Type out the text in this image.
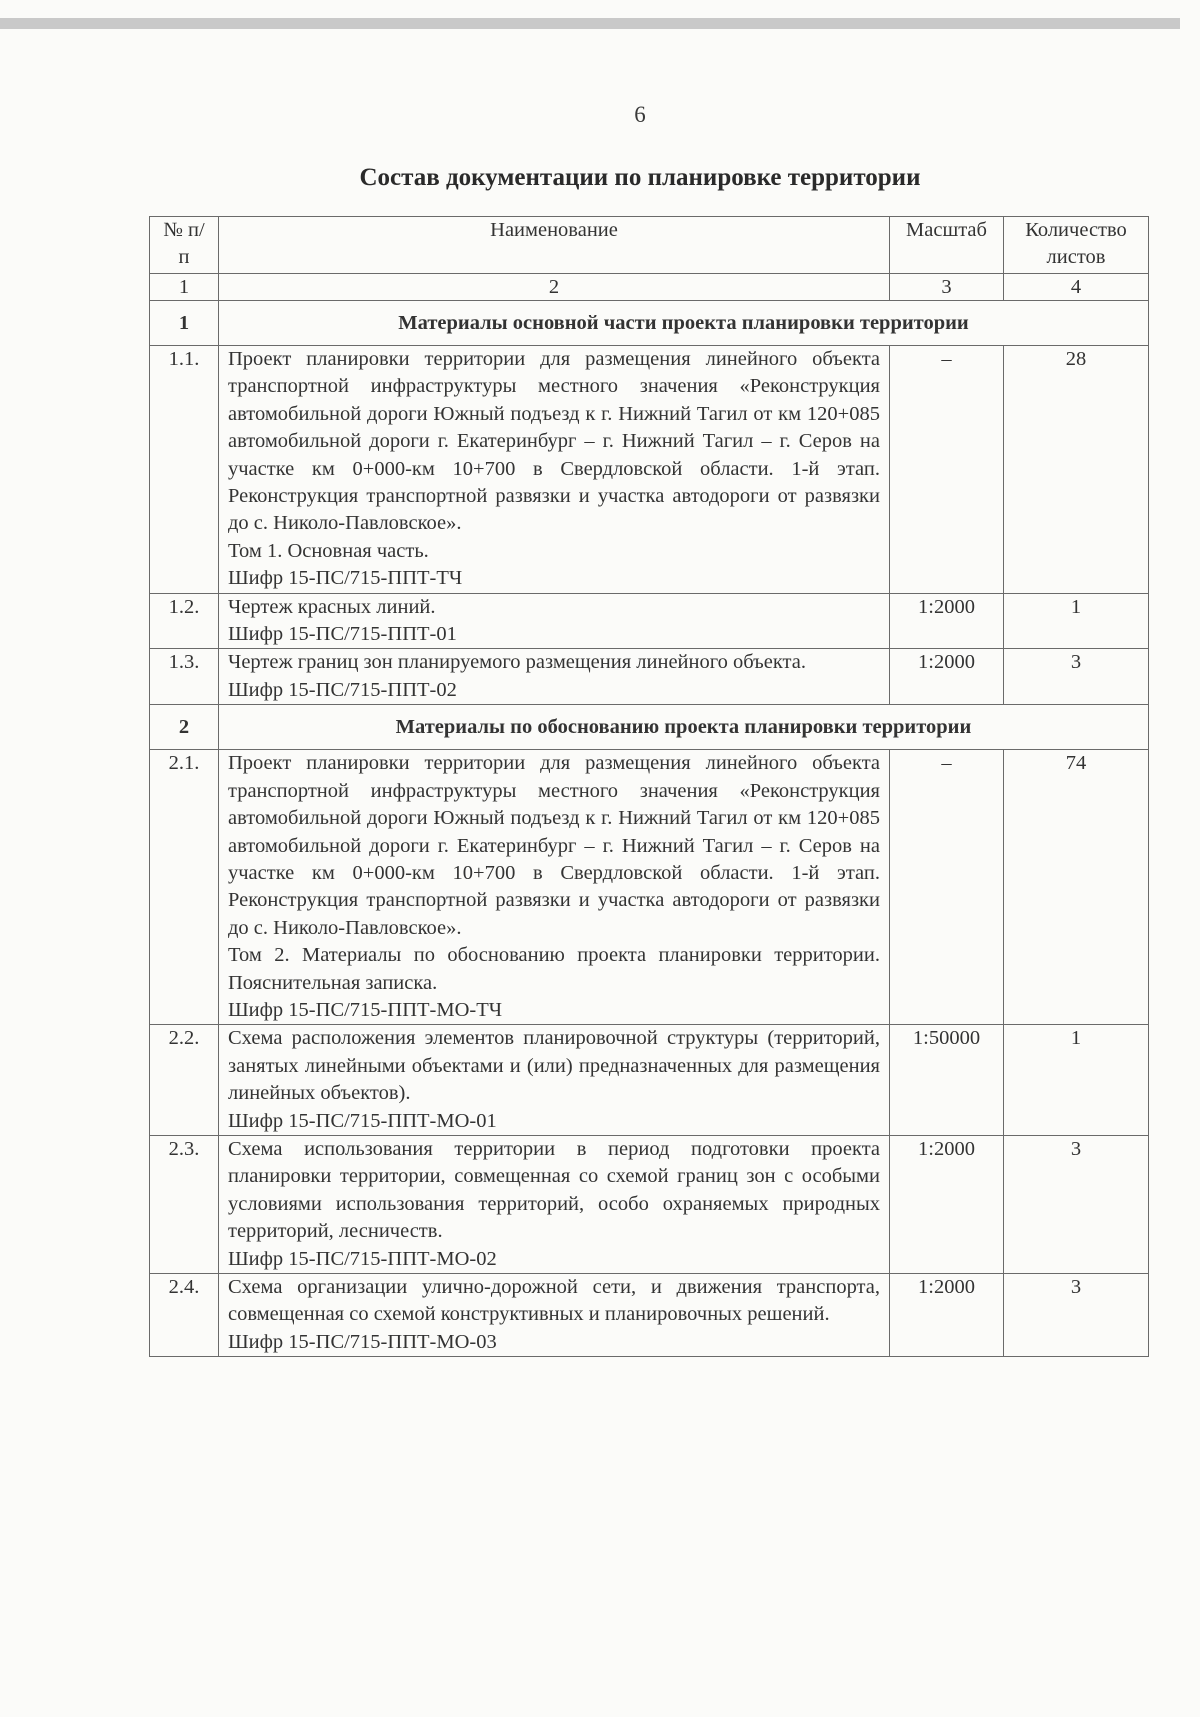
6
Состав документации по планировке территории
№ п/п	Наименование	Масштаб	Количество листов
1	2	3	4
1	Материалы основной части проекта планировки территории		
1.1.	Проект планировки территории для размещения линейного объекта транспортной инфраструктуры местного значения «Реконструкция автомобильной дороги Южный подъезд к г. Нижний Тагил от км 120+085 автомобильной дороги г. Екатеринбург – г. Нижний Тагил – г. Серов на участке км 0+000-км 10+700 в Свердловской области. 1-й этап. Реконструкция транспортной развязки и участка автодороги от развязки до с. Николо-Павловское».
Том 1. Основная часть.
Шифр 15-ПС/715-ППТ-ТЧ	–	28
1.2.	Чертеж красных линий.
Шифр 15-ПС/715-ППТ-01	1:2000	1
1.3.	Чертеж границ зон планируемого размещения линейного объекта.
Шифр 15-ПС/715-ППТ-02	1:2000	3
2	Материалы по обоснованию проекта планировки территории		
2.1.	Проект планировки территории для размещения линейного объекта транспортной инфраструктуры местного значения «Реконструкция автомобильной дороги Южный подъезд к г. Нижний Тагил от км 120+085 автомобильной дороги г. Екатеринбург – г. Нижний Тагил – г. Серов на участке км 0+000-км 10+700 в Свердловской области. 1-й этап. Реконструкция транспортной развязки и участка автодороги от развязки до с. Николо-Павловское».
Том 2. Материалы по обоснованию проекта планировки территории. Пояснительная записка.
Шифр 15-ПС/715-ППТ-МО-ТЧ	–	74
2.2.	Схема расположения элементов планировочной структуры (территорий, занятых линейными объектами и (или) предназначенных для размещения линейных объектов).
Шифр 15-ПС/715-ППТ-МО-01	1:50000	1
2.3.	Схема использования территории в период подготовки проекта планировки территории, совмещенная со схемой границ зон с особыми условиями использования территорий, особо охраняемых природных территорий, лесничеств.
Шифр 15-ПС/715-ППТ-МО-02	1:2000	3
2.4.	Схема организации улично-дорожной сети, и движения транспорта, совмещенная со схемой конструктивных и планировочных решений.
Шифр 15-ПС/715-ППТ-МО-03	1:2000	3
